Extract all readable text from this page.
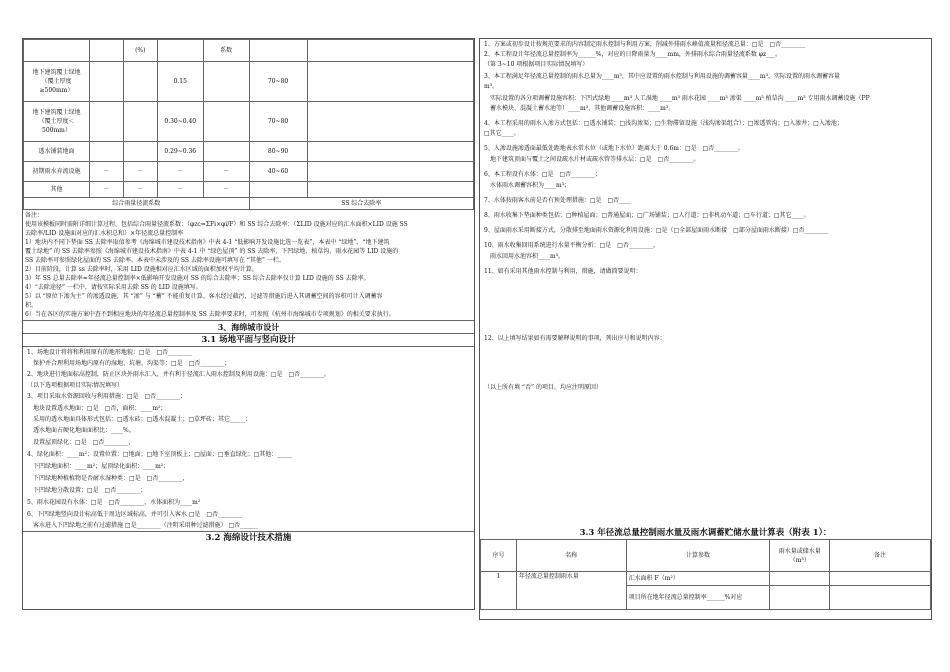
		(%)		系数		
地下建筑覆土绿地
（覆土厚度
≥500mm）			0.15		70~80	
地下建筑覆土绿地
（覆土厚度＜
500mm）			0.30~0.40		70~80	
透水铺装地面			0.29~0.36		80~90	
初期雨水弃流设施	－	－	－	－	40~60	
其他	－	－	－	－		
综合雨量径流系数					SS 综合去除率	
备注：
使用该模板同时需附详细计算过程，包括综合雨量径流系数：（φzc=ΣFi×φi/F）和 SS 综合去除率：（ΣLID 设施对应的汇水面积×LID 设施 SS
去除率/LID 设施面对应的汇水积总和）×年径流总量控制率
1）地块内不同下垫面 SS 去除率取值参考《海绵城市建设技术指南》中表 4-1 “低影响开发设施比选一览表”，本表中 “绿地”、“地下建筑
覆土绿地” 的 SS 去除率参照《海绵城市建设技术指南》中表 4-1 中 “绿色屋顶” 的 SS 去除率，下凹绿地、植草沟、雨水花园等 LID 设施的
SS 去除率可参照绿化屋面的 SS 去除率。本表中未涉及的 SS 去除率设施可填写在 “其他” 一栏。
2）目前阶段，计算 ss 去除率时，采用 LID 设施相对应汇水区域的面积加权平均计算。
3）年 SS 总量去除率=年径流总量控制率×低影响开发设施对 SS 的综合去除率；SS 综合去除率仅计算 LID 设施的 SS 去除率。
4）“去除途径” 一栏中，请按实际采用去除 SS 的 LID 设施填写。
5）以 “原位下渗为主” 的渗透设施，其 “渗” 与 “蓄” 不能重复计算。客水经过截污，过滤等措施后进入其调蓄空间的容积可计入调蓄容
积。
6）当在各区的实施方案中查不到相应地块的年径流总量控制率及 SS 去除率要求时，可参照《杭州市海绵城市专项规划》的相关要求执行。
3、海绵城市设计
3.1 场地平面与竖向设计
1、场地设计将将和利用原有的地形地貌：□是　□否________
　保护并合理利用场地内原有的湿地、坑塘、沟渠等：□是　□否________；
2、地块进行地面标高控制，防止区块外雨水汇入，并有利于径流汇入雨水控制及利用设施：□是　□否________。
（以下选项根据项目实际情况填写）
3、项目采取水资源回收与利用措施：□是　□否________；
　地块设置透水地面：□是　□否，面积：____m²；
　采用的透水地面具体形式包括：□透水砖；□透水混凝土；□草坪砖；其它_____；
　透水地面占硬化地面面积比：____%。
　设置屋顶绿化：□是　□否________，
4、绿化面积：____m²；设置位置：□地面；□地下室顶板上；□屋面；□垂直绿化；□其他：_____
　下凹绿地面积：____m²；屋顶绿化面积：____m²；
　下凹绿地种植植物是否耐水湿种类：□是　□否________，
　下凹绿地分散设置：□是　□否________；
5、雨水花园设有水体：□是　□否________，水体面积为____m²
6、下凹绿地竖向设计标高低于周边区域标高，并可引入客水 □是　□否________
　客水进入下凹绿地之前有过滤措施 □是________（注明采用种过滤措施） □否______
3.2 海绵设计技术措施
1、方案或初步设计按规范要求的内容制定雨水控制与利用方案，削减外排雨水峰值流量和径流总量：□是　□否________
2、本工程设计年径流总量控制率为______%，对应的日降雨量为____mm，外排雨水综合雨量径流系数 φz___。
（第 3~10 项根据项目实际情况填写）
3、本工程满足年径流总量控制的雨水总量为____m³，其中应设置的雨水控制与利用设施的调蓄容量____m³，实际设置的雨水调蓄容量
m³。
　实际设置的各分项调蓄设施容积：下凹式绿地 ____m³ 人工湿地 ____m³ 雨水花园 ____m³ 渗渠 ____m³ 植草沟 ____m³ 专用雨水调蓄设施（PP
　蓄水模块、混凝土蓄水池等）____m³，其他调蓄设施容积：____m³。
4、本工程采用的雨水入渗方式包括：□透水铺装；□浅沟渗渠；□生物滞留设施（浅沟渗渠组合）；□渗透管沟；□入渗井；□入渗池；
□其它____。
5、入渗设施渗透面最低处距地表水常水位（或地下水位）距离大于 0.6m：□是　□否________。
　地下建筑顶面与覆土之间设疏水片材或疏水管等排水层：□是　□否________。
6、本工程设有水体：□是　□否________；
　水体雨水调蓄容积为____m³；
7、水体按雨客水前是否有预处理措施：□是　□否____
8、雨水收集下垫面种类包括：□种植屋面；□普通屋面；□广场铺装；□人行道；□非机动车道；□车行道；□其它____。
9、屋面雨水采用断接方式，分散排至地面雨水资源化利用设施：□是（□全部屋面雨水断接　□部分屋面雨水断接）□否________
10、雨水收集回用系统进行水量平衡分析：□是　□否________，
　雨水回用水池容积____m³。
11、如有采用其他雨水控制与利用，措施，请做简要说明：
12、以上填写结果如有需要解释说明的事项，列出序号和说明内容：
（以上所有填 “否” 的项目，均应注明原因）
3.3 年径流总量控制雨水量及雨水调蓄贮储水量计算表（附表 1）：
序号	名称	计算参数	雨水量或储水量（m³）	备注
1	年径流总量控制雨水量	汇水面积 F（m²）		
		项目所在地年径流总量控制率______%对应		
